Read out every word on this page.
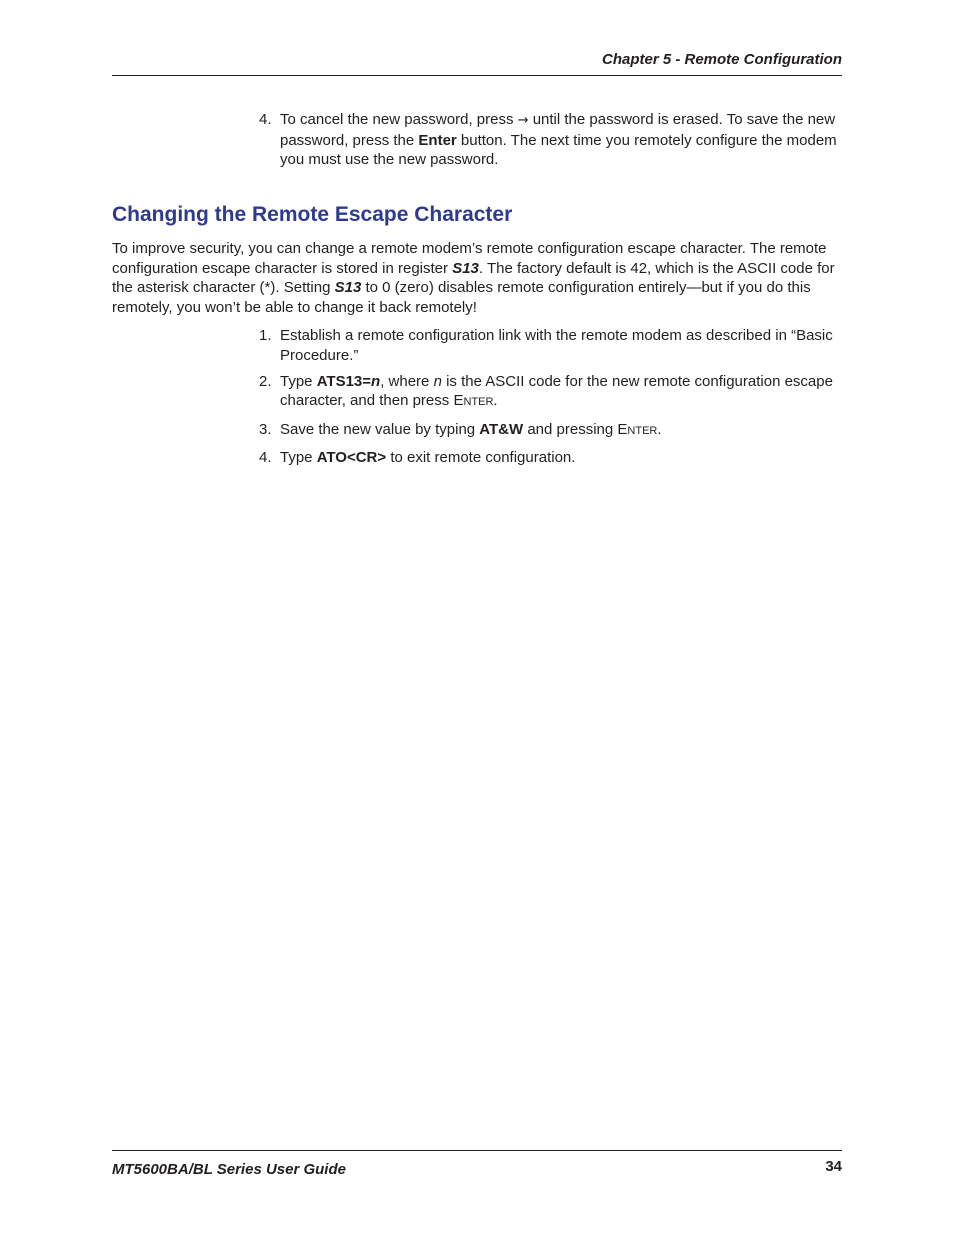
Chapter 5 - Remote Configuration
4. To cancel the new password, press → until the password is erased. To save the new password, press the Enter button. The next time you remotely configure the modem you must use the new password.
Changing the Remote Escape Character

To improve security, you can change a remote modem’s remote configuration escape character. The remote configuration escape character is stored in register S13. The factory default is 42, which is the ASCII code for the asterisk character (*). Setting S13 to 0 (zero) disables remote configuration entirely—but if you do this remotely, you won’t be able to change it back remotely!

1. Establish a remote configuration link with the remote modem as described in “Basic Procedure.”
2. Type ATS13=n, where n is the ASCII code for the new remote configuration escape character, and then press ENTER.
3. Save the new value by typing AT&W and pressing ENTER.
4. Type ATO<CR> to exit remote configuration.
MT5600BA/BL Series User Guide	34
